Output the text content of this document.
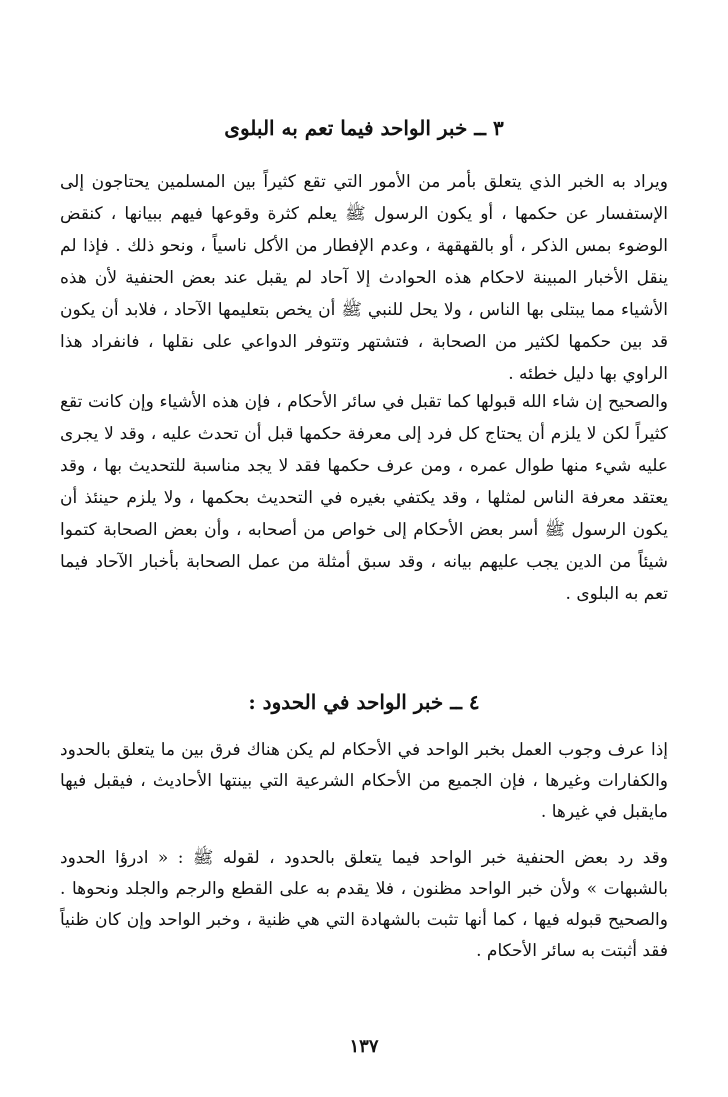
٣ ــ خبر الواحد فيما تعم به البلوى

ويراد به الخبر الذي يتعلق بأمر من الأمور التي تقع كثيراً بين المسلمين يحتاجون إلى الإستفسار عن حكمها ، أو يكون الرسول ﷺ يعلم كثرة وقوعها فيهم ببيانها ، كنقض الوضوء بمس الذكر ، أو بالقهقهة ، وعدم الإفطار من الأكل ناسياً ، ونحو ذلك . فإذا لم ينقل الأخبار المبينة لاحكام هذه الحوادث إلا آحاد لم يقبل عند بعض الحنفية لأن هذه الأشياء مما يبتلى بها الناس ، ولا يحل للنبي ﷺ أن يخص بتعليمها الآحاد ، فلابد أن يكون قد بين حكمها لكثير من الصحابة ، فتشتهر وتتوفر الدواعي على نقلها ، فانفراد هذا الراوي بها دليل خطئه .

والصحيح إن شاء الله قبولها كما تقبل في سائر الأحكام ، فإن هذه الأشياء وإن كانت تقع كثيراً لكن لا يلزم أن يحتاج كل فرد إلى معرفة حكمها قبل أن تحدث عليه ، وقد لا يجرى عليه شيء منها طوال عمره ، ومن عرف حكمها فقد لا يجد مناسبة للتحديث بها ، وقد يعتقد معرفة الناس لمثلها ، وقد يكتفي بغيره في التحديث بحكمها ، ولا يلزم حينئذ أن يكون الرسول ﷺ أسر بعض الأحكام إلى خواص من أصحابه ، وأن بعض الصحابة كتموا شيئاً من الدين يجب عليهم بيانه ، وقد سبق أمثلة من عمل الصحابة بأخبار الآحاد فيما تعم به البلوى .

٤ ــ خبر الواحد في الحدود :

إذا عرف وجوب العمل بخبر الواحد في الأحكام لم يكن هناك فرق بين ما يتعلق بالحدود والكفارات وغيرها ، فإن الجميع من الأحكام الشرعية التي بينتها الأحاديث ، فيقبل فيها مايقبل في غيرها .

وقد رد بعض الحنفية خبر الواحد فيما يتعلق بالحدود ، لقوله ﷺ : « ادرؤا الحدود بالشبهات » ولأن خبر الواحد مظنون ، فلا يقدم به على القطع والرجم والجلد ونحوها . والصحيح قبوله فيها ، كما أنها تثبت بالشهادة التي هي ظنية ، وخبر الواحد وإن كان ظنياً فقد أثبتت به سائر الأحكام .

١٣٧
